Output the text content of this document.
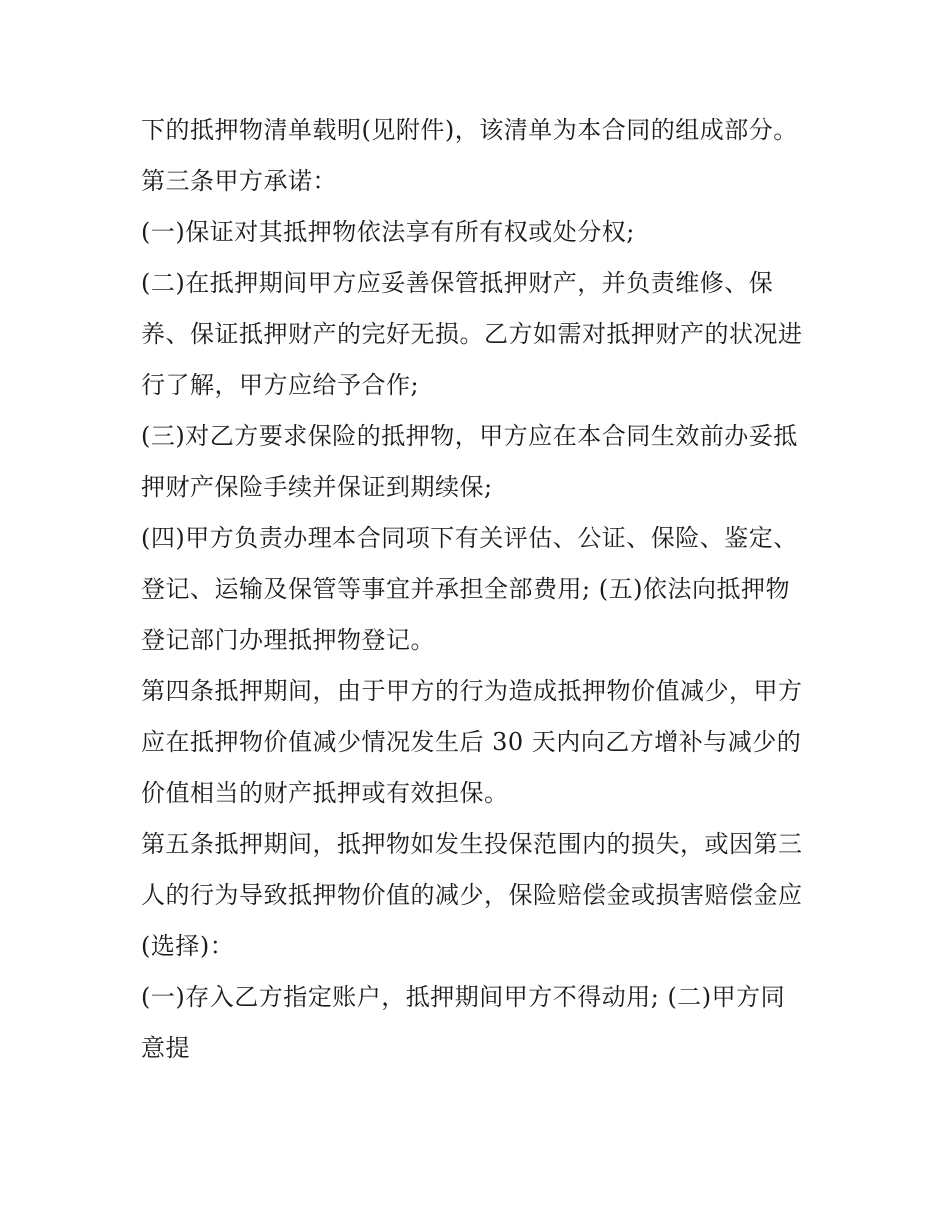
下的抵押物清单载明(见附件)，该清单为本合同的组成部分。
第三条甲方承诺：
(一)保证对其抵押物依法享有所有权或处分权;
(二)在抵押期间甲方应妥善保管抵押财产，并负责维修、保
养、保证抵押财产的完好无损。乙方如需对抵押财产的状况进
行了解，甲方应给予合作;
(三)对乙方要求保险的抵押物，甲方应在本合同生效前办妥抵
押财产保险手续并保证到期续保;
(四)甲方负责办理本合同项下有关评估、公证、保险、鉴定、
登记、运输及保管等事宜并承担全部费用; (五)依法向抵押物
登记部门办理抵押物登记。
第四条抵押期间，由于甲方的行为造成抵押物价值减少，甲方
应在抵押物价值减少情况发生后 30 天内向乙方增补与减少的
价值相当的财产抵押或有效担保。
第五条抵押期间，抵押物如发生投保范围内的损失，或因第三
人的行为导致抵押物价值的减少，保险赔偿金或损害赔偿金应
(选择)：
(一)存入乙方指定账户，抵押期间甲方不得动用; (二)甲方同
意提
